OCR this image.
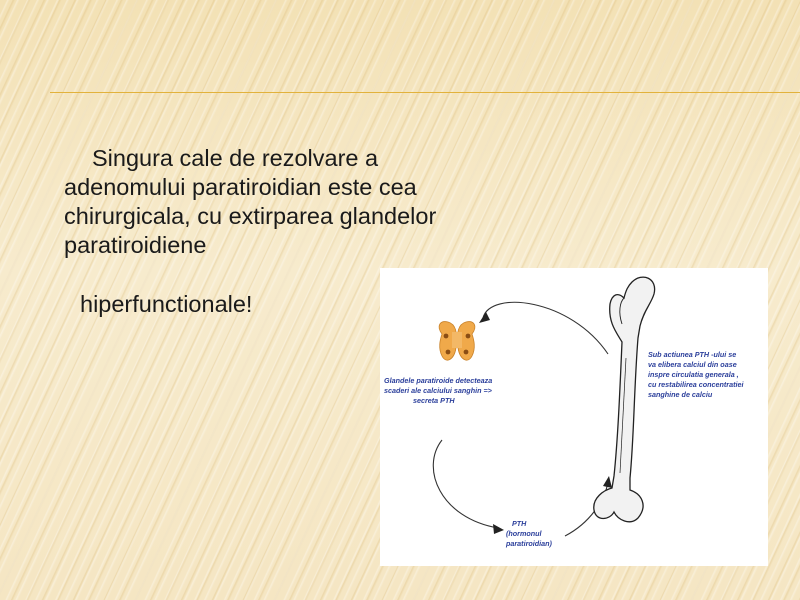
Singura cale de rezolvare a
adenomului paratiroidian este cea
chirurgicala, cu extirparea glandelor
paratiroidiene
hiperfunctionale!
Glandele paratiroide detecteaza scaderi ale calciului sanghin => secreta PTH
Sub actiunea PTH -ului se va elibera calciul din oase inspre circulatia generala , cu restabilirea concentratiei sanghine de calciu
PTH (hormonul paratiroidian)
